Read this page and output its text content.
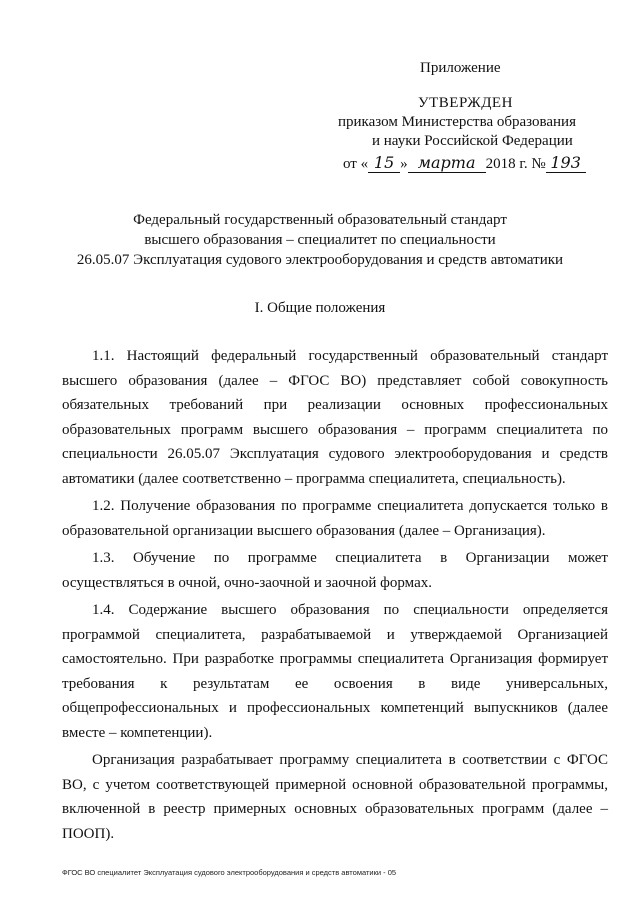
Приложение
УТВЕРЖДЕН
приказом Министерства образования
и науки Российской Федерации
от « 15 » марта 2018 г. № 193
Федеральный государственный образовательный стандарт
высшего образования – специалитет по специальности
26.05.07 Эксплуатация судового электрооборудования и средств автоматики
I. Общие положения

1.1. Настоящий федеральный государственный образовательный стандарт высшего образования (далее – ФГОС ВО) представляет собой совокупность обязательных требований при реализации основных профессиональных образовательных программ высшего образования – программ специалитета по специальности 26.05.07 Эксплуатация судового электрооборудования и средств автоматики (далее соответственно – программа специалитета, специальность).

1.2. Получение образования по программе специалитета допускается только в образовательной организации высшего образования (далее – Организация).

1.3. Обучение по программе специалитета в Организации может осуществляться в очной, очно-заочной и заочной формах.

1.4. Содержание высшего образования по специальности определяется программой специалитета, разрабатываемой и утверждаемой Организацией самостоятельно. При разработке программы специалитета Организация формирует требования к результатам ее освоения в виде универсальных, общепрофессиональных и профессиональных компетенций выпускников (далее вместе – компетенции).

Организация разрабатывает программу специалитета в соответствии с ФГОС ВО, с учетом соответствующей примерной основной образовательной программы, включенной в реестр примерных основных образовательных программ (далее – ПООП).

ФГОС ВО специалитет Эксплуатация судового электрооборудования и средств автоматики - 05
